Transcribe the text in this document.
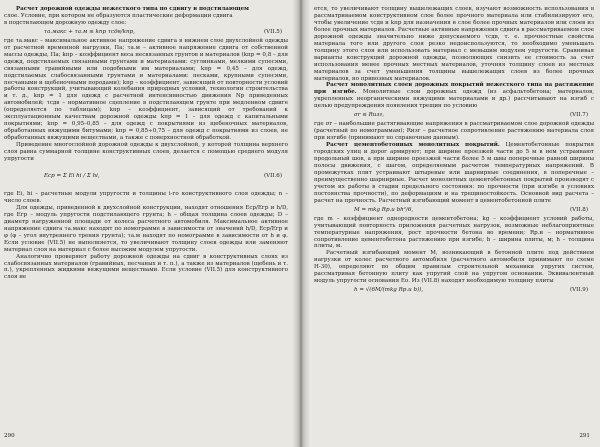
Расчет дорожной одежды нежесткого типа по сдвигу в подстилающем
слое. Условие, при котором не образуются пластические деформации сдвига
в подстилающем дорожную одежду слое:

τа.макс + τа.м ≤ kпр τсдв/kпр,	(VII.5)

где τа.макс – максимальное активное напряжение сдвига в нижнем слое двухслойной одежды от расчетной временной нагрузки, Па; τа.м – активное напряжение сдвига от собственной массы одежды, Па; kпр – коэффициент веса несвязанных грунтов и материалов (kпр = 0,8 – для одежд, подстилаемых связанными грунтами и материалами: суглинками, мелкими супесями, связанными гравийными или подобными им материалами; kпр = 0,45 – для одежд, подстилаемых слабосвязанными грунтами и материалами: песками, крупными супесями, песчаными и щебеночными породами); kпр – коэффициент, зависящий от повторности условий работы конструкций, учитывающий колебания природных условий, технологии строительства и т. д., kпр = 1 для одежд с расчетной интенсивностью движения Nр приведенных автомобилей; τсдв – нормативное сцепление в подстилающем грунте при медленном сдвиге (определяется по таблицам); kпр – коэффициент, зависящий от требований к эксплуатационным качествам дорожной одежды kпр = 1 – для одежд с капитальными покрытиями; kпр = 0,95–0,85 – для одежд с покрытиями из щебеночных материалов, обработанных вяжущими битумами; kпр = 0,85÷0,75 – для одежд с покрытиями из слоев, не обработанных вяжущими веществами, а также с поверхностной обработкой.

Приведение многослойной дорожной одежды к двухслойной, у которой толщина верхнего слоя равна суммарной толщине конструктивных слоев, делается с помощью среднего модуля упругости

Eср = Σ Ei hi / Σ hi,	(VII.6)

где Ei, hi – расчетные модули упругости и толщины i-го конструктивного слоя одежды; n – число слоев.

Для одежды, приведенной к двухслойной конструкции, находят отношения Eср/Eгр и h/D, где Eгр – модуль упругости подстилающего грунта; h – общая толщина слоев одежды; D – диаметр нагруженной площади от колеса расчетного автомобиля. Максимальное активное напряжение сдвига τа.макс находят по номограмме в зависимости от значений h/D, Eср/Eгр и φ (φ – угол внутреннего трения грунта); τа.м находят по номограмме в зависимости от h и φ. Если условие (VII.5) не выполняется, то увеличивают толщину слоев одежды или заменяют материал слоя на материал с более высоким модулем упругости.

Аналогично проверяют работу дорожной одежды на сдвиг в конструктивных слоях из слабосвязанных материалов (гравийных, песчаных и т. п.), а также из материалов (щебень и т. п.), укрепленных жидкими вяжущими веществами. Если условие (VII.5) для конструктивного слоя не

290

ется, то увеличивают толщину вышележащих слоев, изучают возможность использования в рассматриваемом конструктивном слое более прочного материала или стабилизируют его, чтобы увеличение τсдв и kпр для назначения в слое более прочных материалов или слоев из более прочных материалов. Расчетные активные напряжения сдвига в рассматриваемом слое дорожной одежды значительно ниже допускаемого τсдв, т. е. прочностные свойства материала того или другого слоя резко недоиспользуются, то необходимо уменьшать толщину этого слоя или использовать материал с меньшим модулем упругости. Сравнивая варианты конструкций дорожной одежды, позволяющих снизить ее стоимость за счет использования менее прочных местных материалов, уточняя толщину слоев из местных материалов за счет уменьшения толщины вышележащих слоев из более прочных материалов, но привозных материалов.

Расчет монолитных слоев дорожных покрытий нежесткого типа на растяжение при изгибе. Монолитные слои дорожных одежд (из асфальтобетона; материалов, укрепленных неорганическими вяжущими материалами и др.) рассчитывают на изгиб с целью предупреждения появления трещин по условию

σr ≤ Rизг,	(VII.7)

где σr – наибольшие растягивающие напряжения в рассматриваемом слое дорожной одежды (расчетный по номограммам); Rизг – расчетное сопротивление растяжению материала слоя при изгибе (принимают по справочным данным).

Расчет цементобетонных монолитных покрытий. Цементобетонные покрытия городских улиц и дорог армируют; при ширине проезжей части до 5 м в нем устраивают продольный шов, а при ширине проезжей части более 5 м швы поперечные равной ширины полосы движения, с шагом, определяемым расчетом температурных напряжений. В промежутках плит устраивают штыревые или шарнирные соединения, в поперечные – преимущественно шарнирные. Расчет монолитных цементобетонных покрытий производят с учетом их работы в стадии предельного состояния: по прочности (при изгибе в условиях постоянства прочности), по деформациям и на трещиностойкость. Основной вид расчета – расчет на прочность. Расчетный изгибающий момент в цементобетонной плите

M = mkg Rр.и bh²/6,	(VII.8)

где m – коэффициент однородности цементобетона; kg – коэффициент условий работы, учитывающий повторность приложения расчетных нагрузок, возможные неблагоприятные температурные напряжения, рост прочности бетона во времени; Rр.и – нормативное сопротивление цементобетона растяжению при изгибе; b – ширина плиты, м; h – толщина плиты, м.

Расчетный изгибающий момент M, возникающий в бетонной плите под действием нагрузки от колес расчетного автомобиля (расчетного автомобиля принимают по схеме Н-30), определяют по общим правилам строительной механики упругих систем, рассматривая бетонную плиту как упругий слой на упругом основании. Эквивалентный модуль упругости основания Eо. Из (VII.8) находят необходимую толщину плиты

h = √(6M/(mkg Rр.и b)),	(VII.9)
291
